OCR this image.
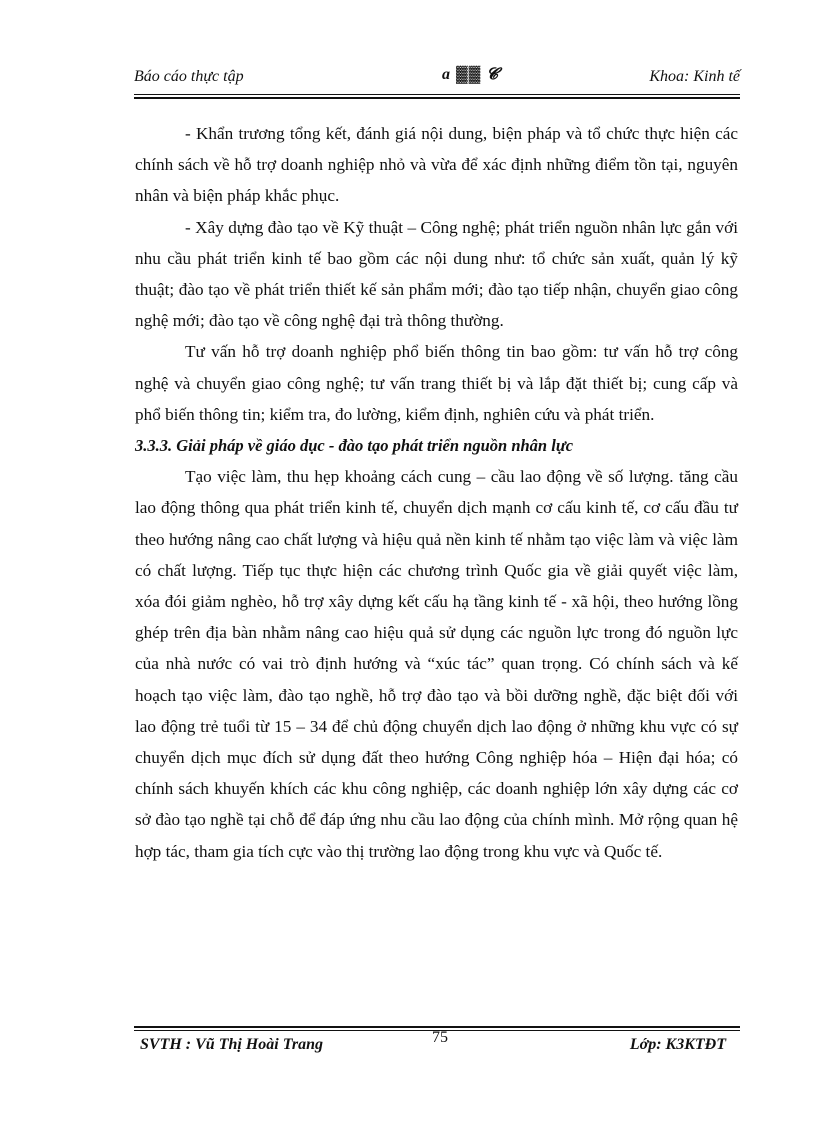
Báo cáo thực tập	a ▓▓ 𝓒	Khoa: Kinh tế

- Khẩn trương tổng kết, đánh giá nội dung, biện pháp và tổ chức thực hiện các chính sách về hỗ trợ doanh nghiệp nhỏ và vừa để xác định những điểm tồn tại, nguyên nhân và biện pháp khắc phục.

- Xây dựng đào tạo về Kỹ thuật – Công nghệ; phát triển nguồn nhân lực gắn với nhu cầu phát triển kinh tế bao gồm các nội dung như: tổ chức sản xuất, quản lý kỹ thuật; đào tạo về phát triển thiết kế sản phẩm mới; đào tạo tiếp nhận, chuyển giao công nghệ mới; đào tạo về công nghệ đại trà thông thường.

Tư vấn hỗ trợ doanh nghiệp phổ biến thông tin bao gồm: tư vấn hỗ trợ công nghệ và chuyển giao công nghệ; tư vấn trang thiết bị và lắp đặt thiết bị; cung cấp và phổ biến thông tin; kiểm tra, đo lường, kiểm định, nghiên cứu và phát triển.

3.3.3. Giải pháp về giáo dục - đào tạo phát triển nguồn nhân lực

Tạo việc làm, thu hẹp khoảng cách cung – cầu lao động về số lượng. tăng cầu lao động thông qua phát triển kinh tế, chuyển dịch mạnh cơ cấu kinh tế, cơ cấu đầu tư theo hướng nâng cao chất lượng và hiệu quả nền kinh tế nhằm tạo việc làm và việc làm có chất lượng. Tiếp tục thực hiện các chương trình Quốc gia về giải quyết việc làm, xóa đói giảm nghèo, hỗ trợ xây dựng kết cấu hạ tầng kinh tế - xã hội, theo hướng lồng ghép trên địa bàn nhằm nâng cao hiệu quả sử dụng các nguồn lực trong đó nguồn lực của nhà nước có vai trò định hướng và “xúc tác” quan trọng. Có chính sách và kế hoạch tạo việc làm, đào tạo nghề, hỗ trợ đào tạo và bồi dưỡng nghề, đặc biệt đối với lao động trẻ tuổi từ 15 – 34 để chủ động chuyển dịch lao động ở những khu vực có sự chuyển dịch mục đích sử dụng đất theo hướng Công nghiệp hóa – Hiện đại hóa; có chính sách khuyến khích các khu công nghiệp, các doanh nghiệp lớn xây dựng các cơ sở đào tạo nghề tại chỗ để đáp ứng nhu cầu lao động của chính mình. Mở rộng quan hệ hợp tác, tham gia tích cực vào thị trường lao động trong khu vực và Quốc tế.

SVTH : Vũ Thị Hoài Trang	75	Lớp: K3KTĐT
